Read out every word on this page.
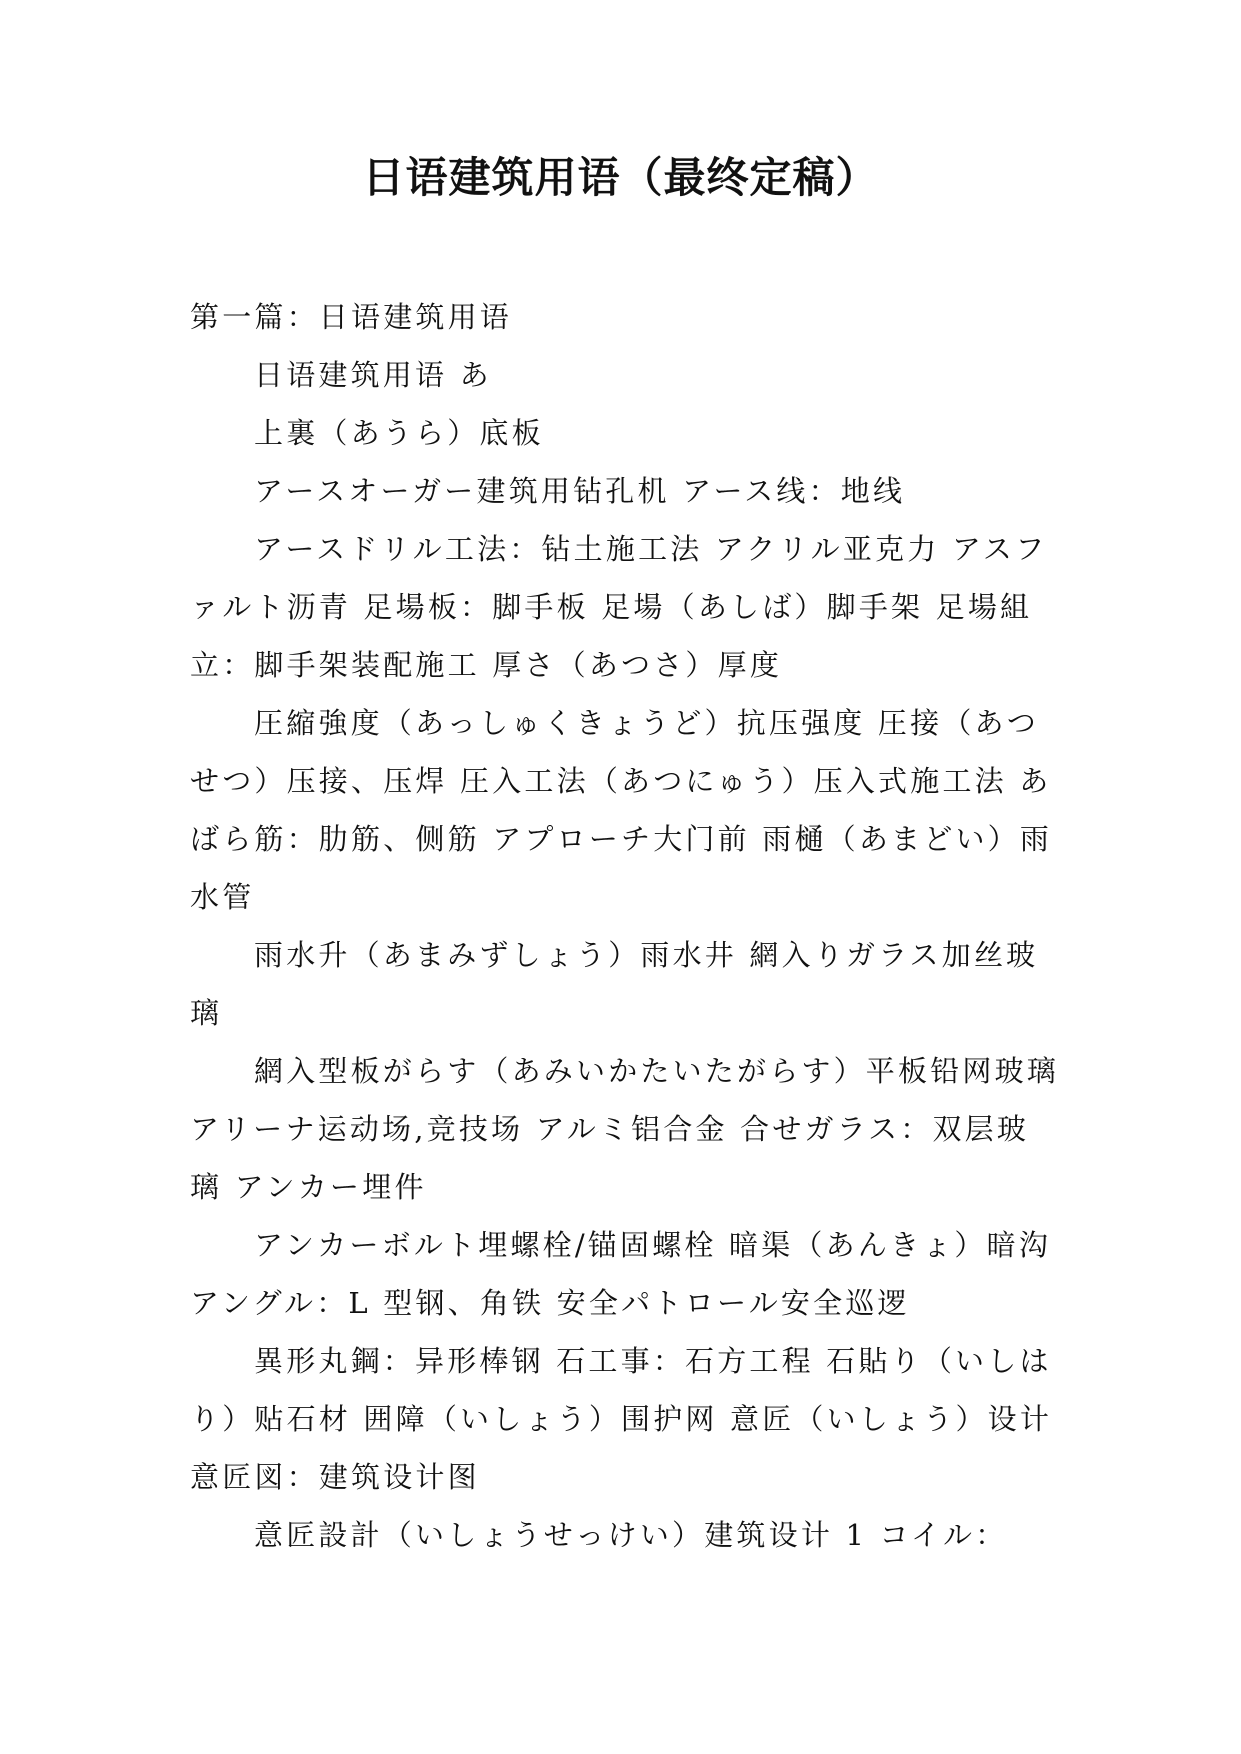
日语建筑用语（最终定稿）

第一篇：日语建筑用语

日语建筑用语 あ

上裏（あうら）底板

アースオーガー建筑用钻孔机 アース线：地线

アースドリル工法：钻土施工法 アクリル亚克力 アスファルト沥青 足場板：脚手板 足場（あしば）脚手架 足場組立：脚手架装配施工 厚さ（あつさ）厚度

圧縮強度（あっしゅくきょうど）抗压强度 圧接（あつせつ）压接、压焊 圧入工法（あつにゅう）压入式施工法 あばら筋：肋筋、侧筋 アプローチ大门前 雨樋（あまどい）雨水管

雨水升（あまみずしょう）雨水井 網入りガラス加丝玻璃

網入型板がらす（あみいかたいたがらす）平板铅网玻璃 アリーナ运动场,竞技场 アルミ铝合金 合せガラス：双层玻璃 アンカー埋件

アンカーボルト埋螺栓/锚固螺栓 暗渠（あんきょ）暗沟 アングル：L 型钢、角铁 安全パトロール安全巡逻

異形丸鋼：异形棒钢 石工事：石方工程 石貼り（いしはり）贴石材 囲障（いしょう）围护网 意匠（いしょう）设计 意匠図：建筑设计图

意匠設計（いしょうせっけい）建筑设计 1 コイル：
